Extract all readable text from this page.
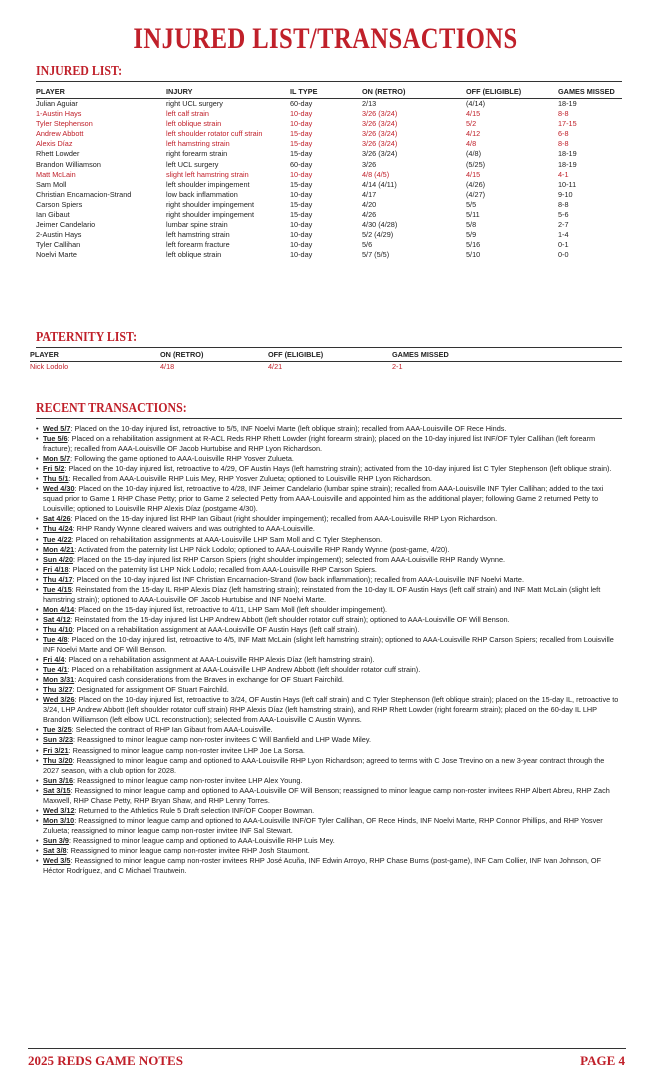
INJURED LIST/TRANSACTIONS
INJURED LIST:
PLAYER	INJURY	IL TYPE	ON (RETRO)	OFF (ELIGIBLE)	GAMES MISSED
Julian Aguiar	right UCL surgery	60-day	2/13	(4/14)	18-19
1-Austin Hays	left calf strain	10-day	3/26 (3/24)	4/15	8-8
Tyler Stephenson	left oblique strain	10-day	3/26 (3/24)	5/2	17-15
Andrew Abbott	left shoulder rotator cuff strain	15-day	3/26 (3/24)	4/12	6-8
Alexis Díaz	left hamstring strain	15-day	3/26 (3/24)	4/8	8-8
Rhett Lowder	right forearm strain	15-day	3/26 (3/24)	(4/8)	18-19
Brandon Williamson	left UCL surgery	60-day	3/26	(5/25)	18-19
Matt McLain	slight left hamstring strain	10-day	4/8 (4/5)	4/15	4-1
Sam Moll	left shoulder impingement	15-day	4/14 (4/11)	(4/26)	10-11
Christian Encarnacion-Strand	low back inflammation	10-day	4/17	(4/27)	9-10
Carson Spiers	right shoulder impingement	15-day	4/20	5/5	8-8
Ian Gibaut	right shoulder impingement	15-day	4/26	5/11	5-6
Jeimer Candelario	lumbar spine strain	10-day	4/30 (4/28)	5/8	2-7
2-Austin Hays	left hamstring strain	10-day	5/2 (4/29)	5/9	1-4
Tyler Callihan	left forearm fracture	10-day	5/6	5/16	0-1
Noelvi Marte	left oblique strain	10-day	5/7 (5/5)	5/10	0-0
PATERNITY LIST:
PLAYER	ON (RETRO)	OFF (ELIGIBLE)	GAMES MISSED
Nick Lodolo	4/18	4/21	2-1
RECENT TRANSACTIONS:
• Wed 5/7: Placed on the 10-day injured list, retroactive to 5/5, INF Noelvi Marte (left oblique strain); recalled from AAA-Louisville OF Rece Hinds.
• Tue 5/6: Placed on a rehabilitation assignment at R-ACL Reds RHP Rhett Lowder (right forearm strain); placed on the 10-day injured list INF/OF Tyler Callihan (left forearm fracture); recalled from AAA-Louisville OF Jacob Hurtubise and RHP Lyon Richardson.
• Mon 5/7: Following the game optioned to AAA-Louisville RHP Yosver Zulueta.
• Fri 5/2: Placed on the 10-day injured list, retroactive to 4/29, OF Austin Hays (left hamstring strain); activated from the 10-day injured list C Tyler Stephenson (left oblique strain).
• Thu 5/1: Recalled from AAA-Louisville RHP Luis Mey, RHP Yosver Zulueta; optioned to Louisville RHP Lyon Richardson.
• Wed 4/30: Placed on the 10-day injured list, retroactive to 4/28, INF Jeimer Candelario (lumbar spine strain); recalled from AAA-Louisville INF Tyler Callihan; added to the taxi squad prior to Game 1 RHP Chase Petty; prior to Game 2 selected Petty from AAA-Louisville and appointed him as the additional player; following Game 2 returned Petty to Louisville; optioned to Louisville RHP Alexis Díaz (postgame 4/30).
• Sat 4/26: Placed on the 15-day injured list RHP Ian Gibaut (right shoulder impingement); recalled from AAA-Louisville RHP Lyon Richardson.
• Thu 4/24: RHP Randy Wynne cleared waivers and was outrighted to AAA-Louisville.
• Tue 4/22: Placed on rehabilitation assignments at AAA-Louisville LHP Sam Moll and C Tyler Stephenson.
• Mon 4/21: Activated from the paternity list LHP Nick Lodolo; optioned to AAA-Louisville RHP Randy Wynne (post-game, 4/20).
• Sun 4/20: Placed on the 15-day injured list RHP Carson Spiers (right shoulder impingement); selected from AAA-Louisville RHP Randy Wynne.
• Fri 4/18: Placed on the paternity list LHP Nick Lodolo; recalled from AAA-Louisville RHP Carson Spiers.
• Thu 4/17: Placed on the 10-day injured list INF Christian Encarnacion-Strand (low back inflammation); recalled from AAA-Louisville INF Noelvi Marte.
• Tue 4/15: Reinstated from the 15-day IL RHP Alexis Díaz (left hamstring strain); reinstated from the 10-day IL OF Austin Hays (left calf strain) and INF Matt McLain (slight left hamstring strain); optioned to AAA-Louisville OF Jacob Hurtubise and INF Noelvi Marte.
• Mon 4/14: Placed on the 15-day injured list, retroactive to 4/11, LHP Sam Moll (left shoulder impingement).
• Sat 4/12: Reinstated from the 15-day injured list LHP Andrew Abbott (left shoulder rotator cuff strain); optioned to AAA-Louisville OF Will Benson.
• Thu 4/10: Placed on a rehabilitation assignment at AAA-Louisville OF Austin Hays (left calf strain).
• Tue 4/8: Placed on the 10-day injured list, retroactive to 4/5, INF Matt McLain (slight left hamstring strain); optioned to AAA-Louisville RHP Carson Spiers; recalled from Louisville INF Noelvi Marte and OF Will Benson.
• Fri 4/4: Placed on a rehabilitation assignment at AAA-Louisville RHP Alexis Díaz (left hamstring strain).
• Tue 4/1: Placed on a rehabilitation assignment at AAA-Louisville LHP Andrew Abbott (left shoulder rotator cuff strain).
• Mon 3/31: Acquired cash considerations from the Braves in exchange for OF Stuart Fairchild.
• Thu 3/27: Designated for assignment OF Stuart Fairchild.
• Wed 3/26: Placed on the 10-day injured list, retroactive to 3/24, OF Austin Hays (left calf strain) and C Tyler Stephenson (left oblique strain); placed on the 15-day IL, retroactive to 3/24, LHP Andrew Abbott (left shoulder rotator cuff strain) RHP Alexis Díaz (left hamstring strain), and RHP Rhett Lowder (right forearm strain); placed on the 60-day IL LHP Brandon Williamson (left elbow UCL reconstruction); selected from AAA-Louisville C Austin Wynns.
• Tue 3/25: Selected the contract of RHP Ian Gibaut from AAA-Louisville.
• Sun 3/23: Reassigned to minor league camp non-roster invitees C Will Banfield and LHP Wade Miley.
• Fri 3/21: Reassigned to minor league camp non-roster invitee LHP Joe La Sorsa.
• Thu 3/20: Reassigned to minor league camp and optioned to AAA-Louisville RHP Lyon Richardson; agreed to terms with C Jose Trevino on a new 3-year contract through the 2027 season, with a club option for 2028.
• Sun 3/16: Reassigned to minor league camp non-roster invitee LHP Alex Young.
• Sat 3/15: Reassigned to minor league camp and optioned to AAA-Louisville OF Will Benson; reassigned to minor league camp non-roster invitees RHP Albert Abreu, RHP Zach Maxwell, RHP Chase Petty, RHP Bryan Shaw, and RHP Lenny Torres.
• Wed 3/12: Returned to the Athletics Rule 5 Draft selection INF/OF Cooper Bowman.
• Mon 3/10: Reassigned to minor league camp and optioned to AAA-Louisville INF/OF Tyler Callihan, OF Rece Hinds, INF Noelvi Marte, RHP Connor Phillips, and RHP Yosver Zulueta; reassigned to minor league camp non-roster invitee INF Sal Stewart.
• Sun 3/9: Reassigned to minor league camp and optioned to AAA-Louisville RHP Luis Mey.
• Sat 3/8: Reassigned to minor league camp non-roster invitee RHP Josh Staumont.
• Wed 3/5: Reassigned to minor league camp non-roster invitees RHP José Acuña, INF Edwin Arroyo, RHP Chase Burns (post-game), INF Cam Collier, INF Ivan Johnson, OF Héctor Rodríguez, and C Michael Trautwein.
2025 REDS GAME NOTES	PAGE 4
